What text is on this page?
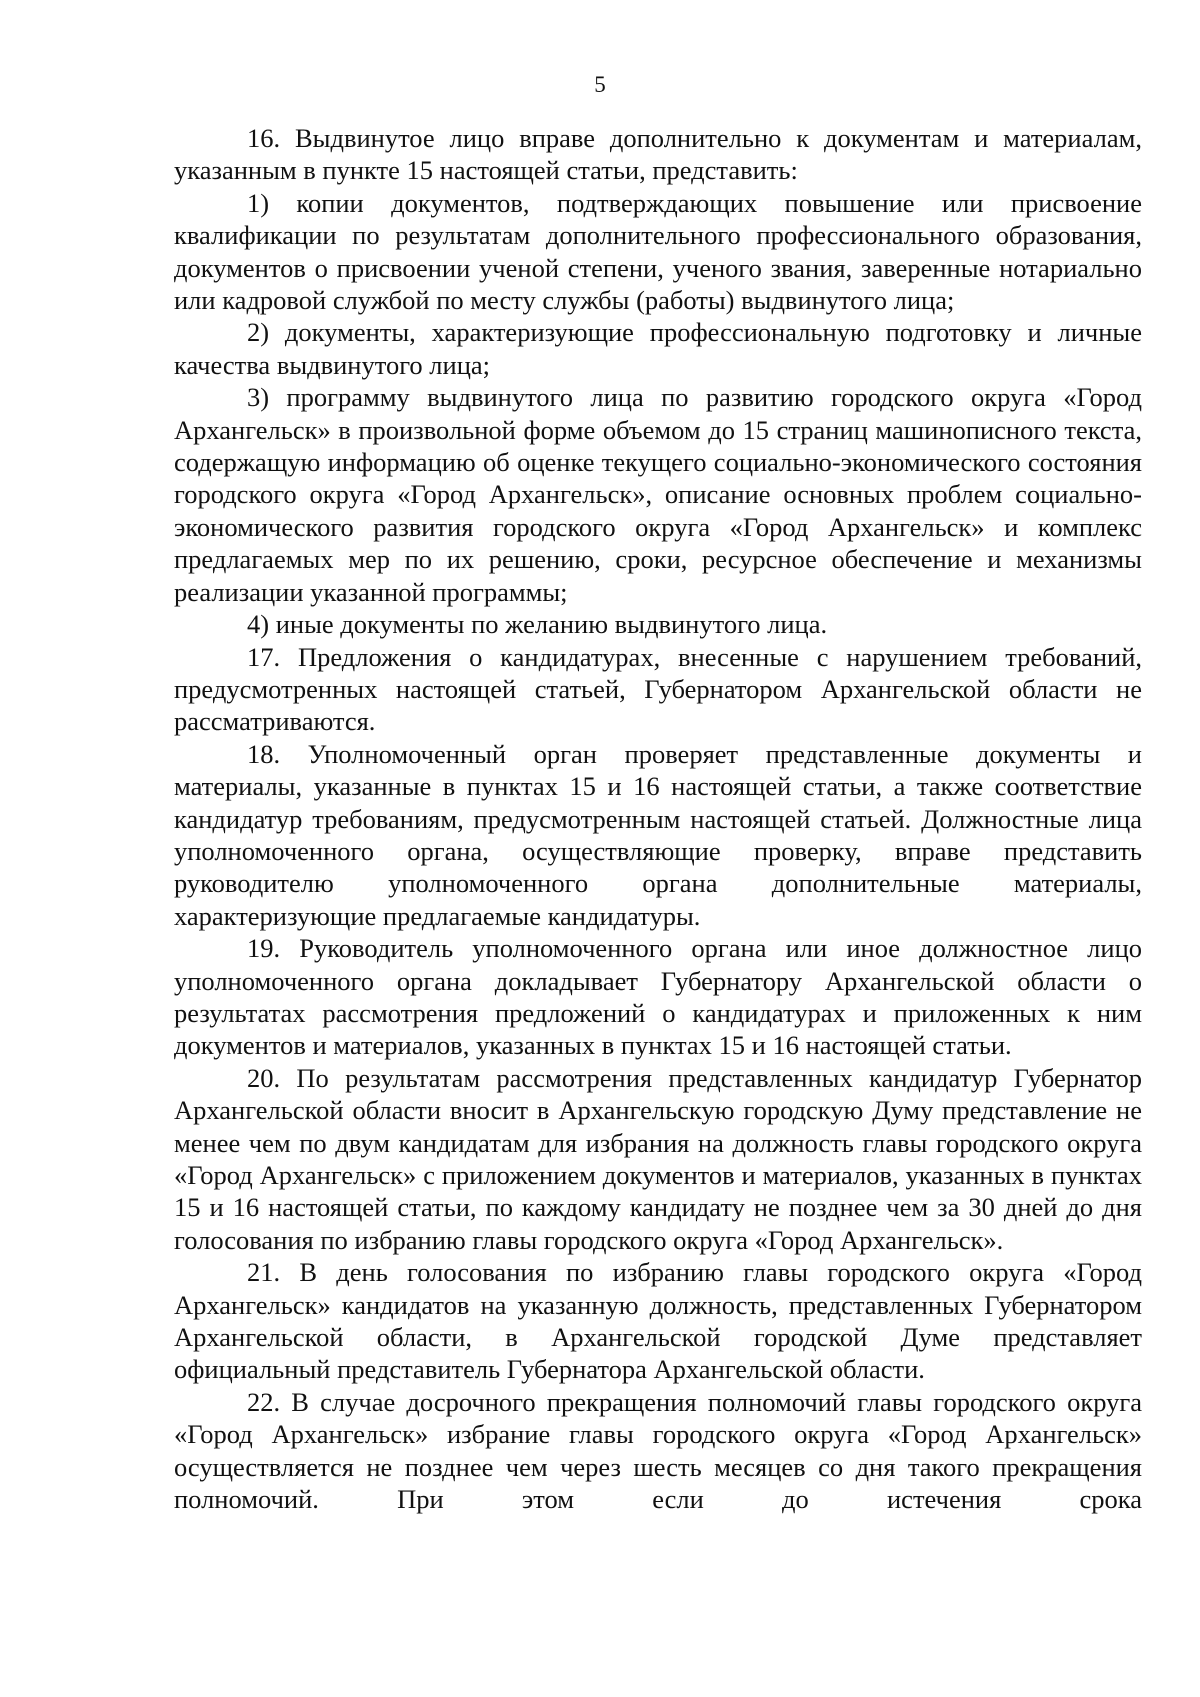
5

16. Выдвинутое лицо вправе дополнительно к документам и материалам, указанным в пункте 15 настоящей статьи, представить:

1) копии документов, подтверждающих повышение или присвоение квалификации по результатам дополнительного профессионального образования, документов о присвоении ученой степени, ученого звания, заверенные нотариально или кадровой службой по месту службы (работы) выдвинутого лица;

2) документы, характеризующие профессиональную подготовку и личные качества выдвинутого лица;

3) программу выдвинутого лица по развитию городского округа «Город Архангельск» в произвольной форме объемом до 15 страниц машинописного текста, содержащую информацию об оценке текущего социально-экономического состояния городского округа «Город Архангельск», описание основных проблем социально-экономического развития городского округа «Город Архангельск» и комплекс предлагаемых мер по их решению, сроки, ресурсное обеспечение и механизмы реализации указанной программы;

4) иные документы по желанию выдвинутого лица.

17. Предложения о кандидатурах, внесенные с нарушением требований, предусмотренных настоящей статьей, Губернатором Архангельской области не рассматриваются.

18. Уполномоченный орган проверяет представленные документы и материалы, указанные в пунктах 15 и 16 настоящей статьи, а также соответствие кандидатур требованиям, предусмотренным настоящей статьей. Должностные лица уполномоченного органа, осуществляющие проверку, вправе представить руководителю уполномоченного органа дополнительные материалы, характеризующие предлагаемые кандидатуры.

19. Руководитель уполномоченного органа или иное должностное лицо уполномоченного органа докладывает Губернатору Архангельской области о результатах рассмотрения предложений о кандидатурах и приложенных к ним документов и материалов, указанных в пунктах 15 и 16 настоящей статьи.

20. По результатам рассмотрения представленных кандидатур Губернатор Архангельской области вносит в Архангельскую городскую Думу представление не менее чем по двум кандидатам для избрания на должность главы городского округа «Город Архангельск» с приложением документов и материалов, указанных в пунктах 15 и 16 настоящей статьи, по каждому кандидату не позднее чем за 30 дней до дня голосования по избранию главы городского округа «Город Архангельск».

21. В день голосования по избранию главы городского округа «Город Архангельск» кандидатов на указанную должность, представленных Губернатором Архангельской области, в Архангельской городской Думе представляет официальный представитель Губернатора Архангельской области.

22. В случае досрочного прекращения полномочий главы городского округа «Город Архангельск» избрание главы городского округа «Город Архангельск» осуществляется не позднее чем через шесть месяцев со дня такого прекращения полномочий. При этом если до истечения срока
